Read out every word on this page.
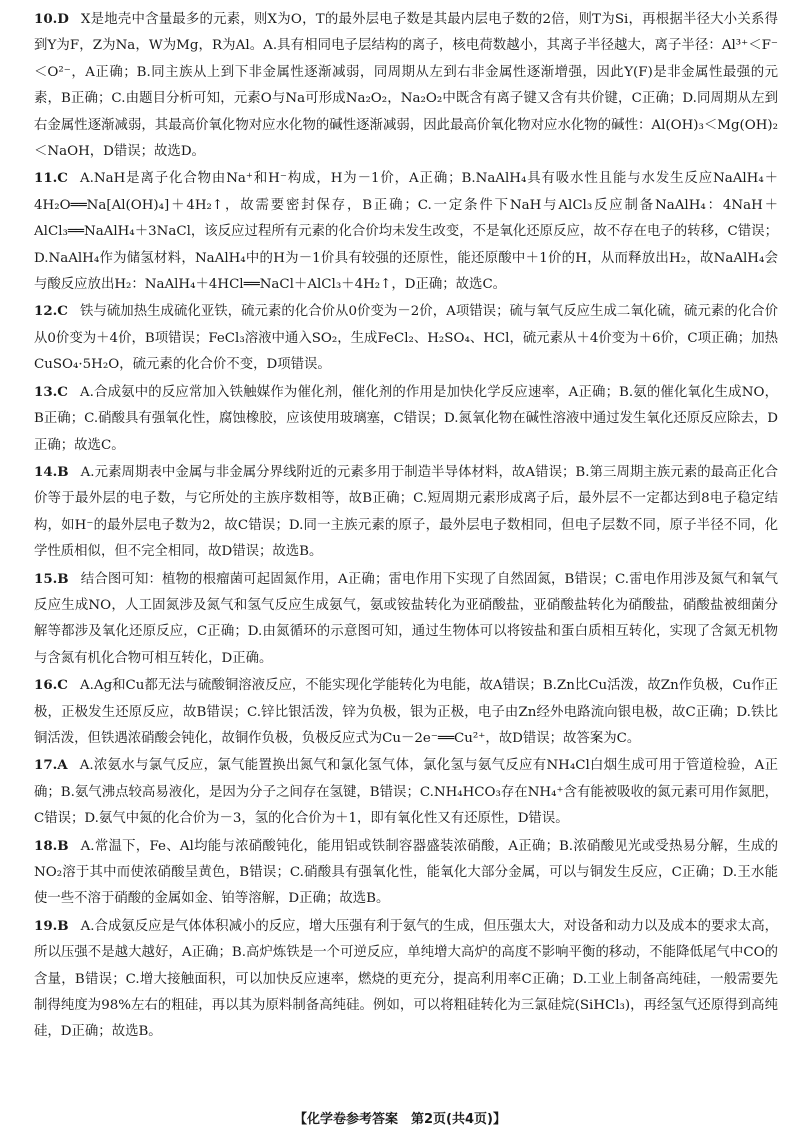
10.D X是地壳中含量最多的元素，则X为O，T的最外层电子数是其最内层电子数的2倍，则T为Si，再根据半径大小关系得到Y为F，Z为Na，W为Mg，R为Al。A.具有相同电子层结构的离子，核电荷数越小，其离子半径越大，离子半径：Al³⁺＜F⁻＜O²⁻，A正确；B.同主族从上到下非金属性逐渐减弱，同周期从左到右非金属性逐渐增强，因此Y(F)是非金属性最强的元素，B正确；C.由题目分析可知，元素O与Na可形成Na₂O₂，Na₂O₂中既含有离子键又含有共价键，C正确；D.同周期从左到右金属性逐渐减弱，其最高价氧化物对应水化物的碱性逐渐减弱，因此最高价氧化物对应水化物的碱性：Al(OH)₃＜Mg(OH)₂＜NaOH，D错误；故选D。

11.C A.NaH是离子化合物由Na⁺和H⁻构成，H为－1价，A正确；B.NaAlH₄具有吸水性且能与水发生反应NaAlH₄＋4H₂O══Na[Al(OH)₄]＋4H₂↑，故需要密封保存，B正确；C.一定条件下NaH与AlCl₃反应制备NaAlH₄：4NaH＋AlCl₃══NaAlH₄＋3NaCl，该反应过程所有元素的化合价均未发生改变，不是氧化还原反应，故不存在电子的转移，C错误；D.NaAlH₄作为储氢材料，NaAlH₄中的H为－1价具有较强的还原性，能还原酸中＋1价的H，从而释放出H₂，故NaAlH₄会与酸反应放出H₂：NaAlH₄＋4HCl══NaCl＋AlCl₃＋4H₂↑，D正确；故选C。

12.C 铁与硫加热生成硫化亚铁，硫元素的化合价从0价变为－2价，A项错误；硫与氧气反应生成二氧化硫，硫元素的化合价从0价变为＋4价，B项错误；FeCl₃溶液中通入SO₂，生成FeCl₂、H₂SO₄、HCl，硫元素从＋4价变为＋6价，C项正确；加热CuSO₄·5H₂O，硫元素的化合价不变，D项错误。

13.C A.合成氨中的反应常加入铁触媒作为催化剂，催化剂的作用是加快化学反应速率，A正确；B.氨的催化氧化生成NO，B正确；C.硝酸具有强氧化性，腐蚀橡胶，应该使用玻璃塞，C错误；D.氮氧化物在碱性溶液中通过发生氧化还原反应除去，D正确；故选C。

14.B A.元素周期表中金属与非金属分界线附近的元素多用于制造半导体材料，故A错误；B.第三周期主族元素的最高正化合价等于最外层的电子数，与它所处的主族序数相等，故B正确；C.短周期元素形成离子后，最外层不一定都达到8电子稳定结构，如H⁻的最外层电子数为2，故C错误；D.同一主族元素的原子，最外层电子数相同，但电子层数不同，原子半径不同，化学性质相似，但不完全相同，故D错误；故选B。

15.B 结合图可知：植物的根瘤菌可起固氮作用，A正确；雷电作用下实现了自然固氮，B错误；C.雷电作用涉及氮气和氧气反应生成NO，人工固氮涉及氮气和氢气反应生成氨气，氨或铵盐转化为亚硝酸盐，亚硝酸盐转化为硝酸盐，硝酸盐被细菌分解等都涉及氧化还原反应，C正确；D.由氮循环的示意图可知，通过生物体可以将铵盐和蛋白质相互转化，实现了含氮无机物与含氮有机化合物可相互转化，D正确。

16.C A.Ag和Cu都无法与硫酸铜溶液反应，不能实现化学能转化为电能，故A错误；B.Zn比Cu活泼，故Zn作负极，Cu作正极，正极发生还原反应，故B错误；C.锌比银活泼，锌为负极，银为正极，电子由Zn经外电路流向银电极，故C正确；D.铁比铜活泼，但铁遇浓硝酸会钝化，故铜作负极，负极反应式为Cu－2e⁻══Cu²⁺，故D错误；故答案为C。

17.A A.浓氨水与氯气反应，氯气能置换出氮气和氯化氢气体，氯化氢与氨气反应有NH₄Cl白烟生成可用于管道检验，A正确；B.氨气沸点较高易液化，是因为分子之间存在氢键，B错误；C.NH₄HCO₃存在NH₄⁺含有能被吸收的氮元素可用作氮肥，C错误；D.氨气中氮的化合价为－3，氢的化合价为＋1，即有氧化性又有还原性，D错误。

18.B A.常温下，Fe、Al均能与浓硝酸钝化，能用铝或铁制容器盛装浓硝酸，A正确；B.浓硝酸见光或受热易分解，生成的NO₂溶于其中而使浓硝酸呈黄色，B错误；C.硝酸具有强氧化性，能氧化大部分金属，可以与铜发生反应，C正确；D.王水能使一些不溶于硝酸的金属如金、铂等溶解，D正确；故选B。

19.B A.合成氨反应是气体体积减小的反应，增大压强有利于氨气的生成，但压强太大，对设备和动力以及成本的要求太高，所以压强不是越大越好，A正确；B.高炉炼铁是一个可逆反应，单纯增大高炉的高度不影响平衡的移动，不能降低尾气中CO的含量，B错误；C.增大接触面积，可以加快反应速率，燃烧的更充分，提高利用率C正确；D.工业上制备高纯硅，一般需要先制得纯度为98%左右的粗硅，再以其为原料制备高纯硅。例如，可以将粗硅转化为三氯硅烷(SiHCl₃)，再经氢气还原得到高纯硅，D正确；故选B。

【化学卷参考答案　第2页(共4页)】
